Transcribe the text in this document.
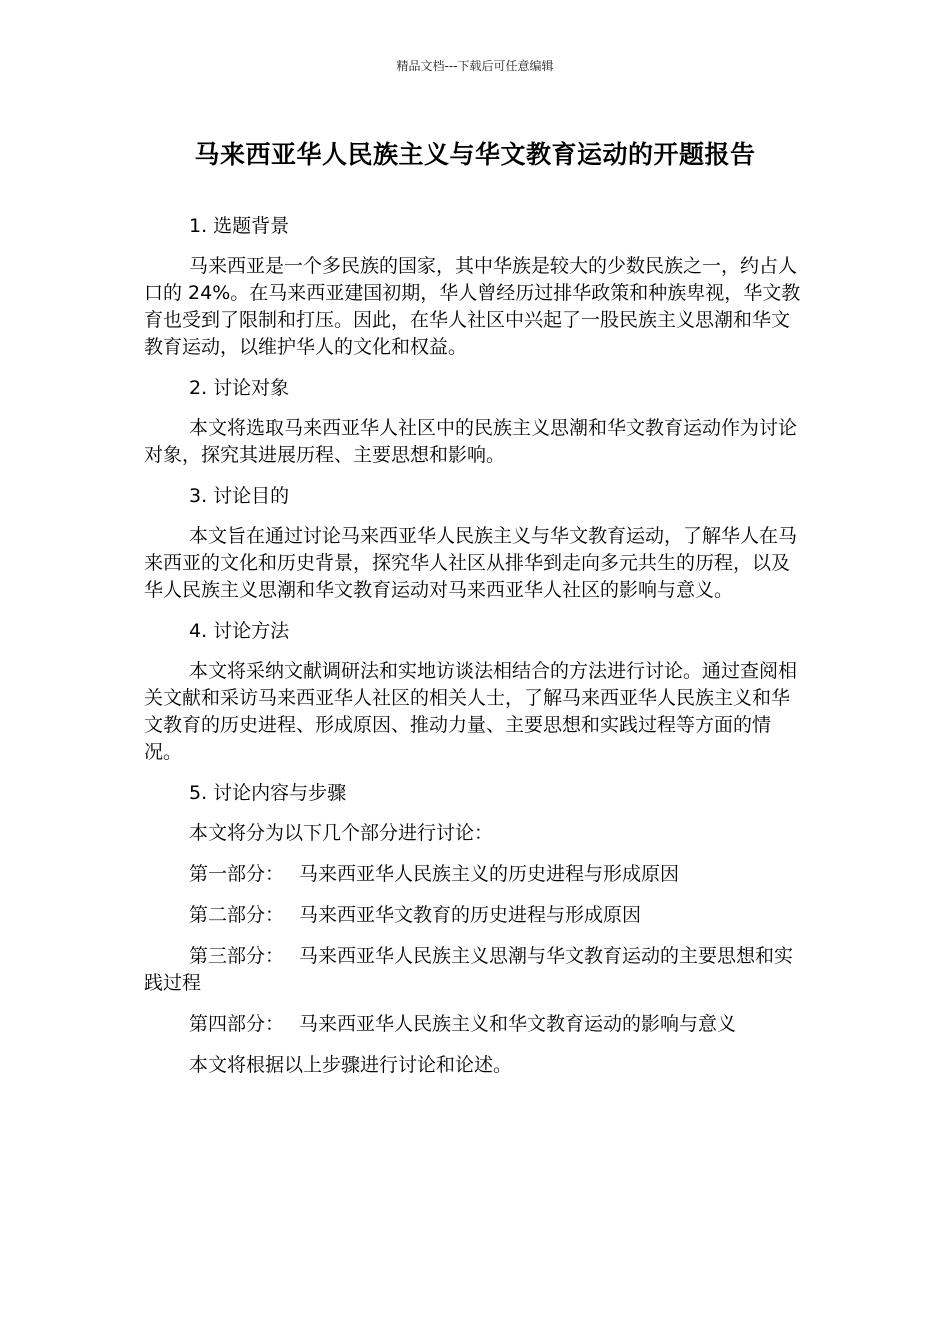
精品文档---下载后可任意编辑
马来西亚华人民族主义与华文教育运动的开题报告

1. 选题背景

马来西亚是一个多民族的国家，其中华族是较大的少数民族之一，约占人口的 24%。在马来西亚建国初期，华人曾经历过排华政策和种族卑视，华文教育也受到了限制和打压。因此，在华人社区中兴起了一股民族主义思潮和华文教育运动，以维护华人的文化和权益。

2. 讨论对象

本文将选取马来西亚华人社区中的民族主义思潮和华文教育运动作为讨论对象，探究其进展历程、主要思想和影响。

3. 讨论目的

本文旨在通过讨论马来西亚华人民族主义与华文教育运动，了解华人在马来西亚的文化和历史背景，探究华人社区从排华到走向多元共生的历程，以及华人民族主义思潮和华文教育运动对马来西亚华人社区的影响与意义。

4. 讨论方法

本文将采纳文献调研法和实地访谈法相结合的方法进行讨论。通过查阅相关文献和采访马来西亚华人社区的相关人士，了解马来西亚华人民族主义和华文教育的历史进程、形成原因、推动力量、主要思想和实践过程等方面的情况。

5. 讨论内容与步骤

本文将分为以下几个部分进行讨论：

第一部分： 马来西亚华人民族主义的历史进程与形成原因

第二部分： 马来西亚华文教育的历史进程与形成原因

第三部分： 马来西亚华人民族主义思潮与华文教育运动的主要思想和实践过程

第四部分： 马来西亚华人民族主义和华文教育运动的影响与意义

本文将根据以上步骤进行讨论和论述。
